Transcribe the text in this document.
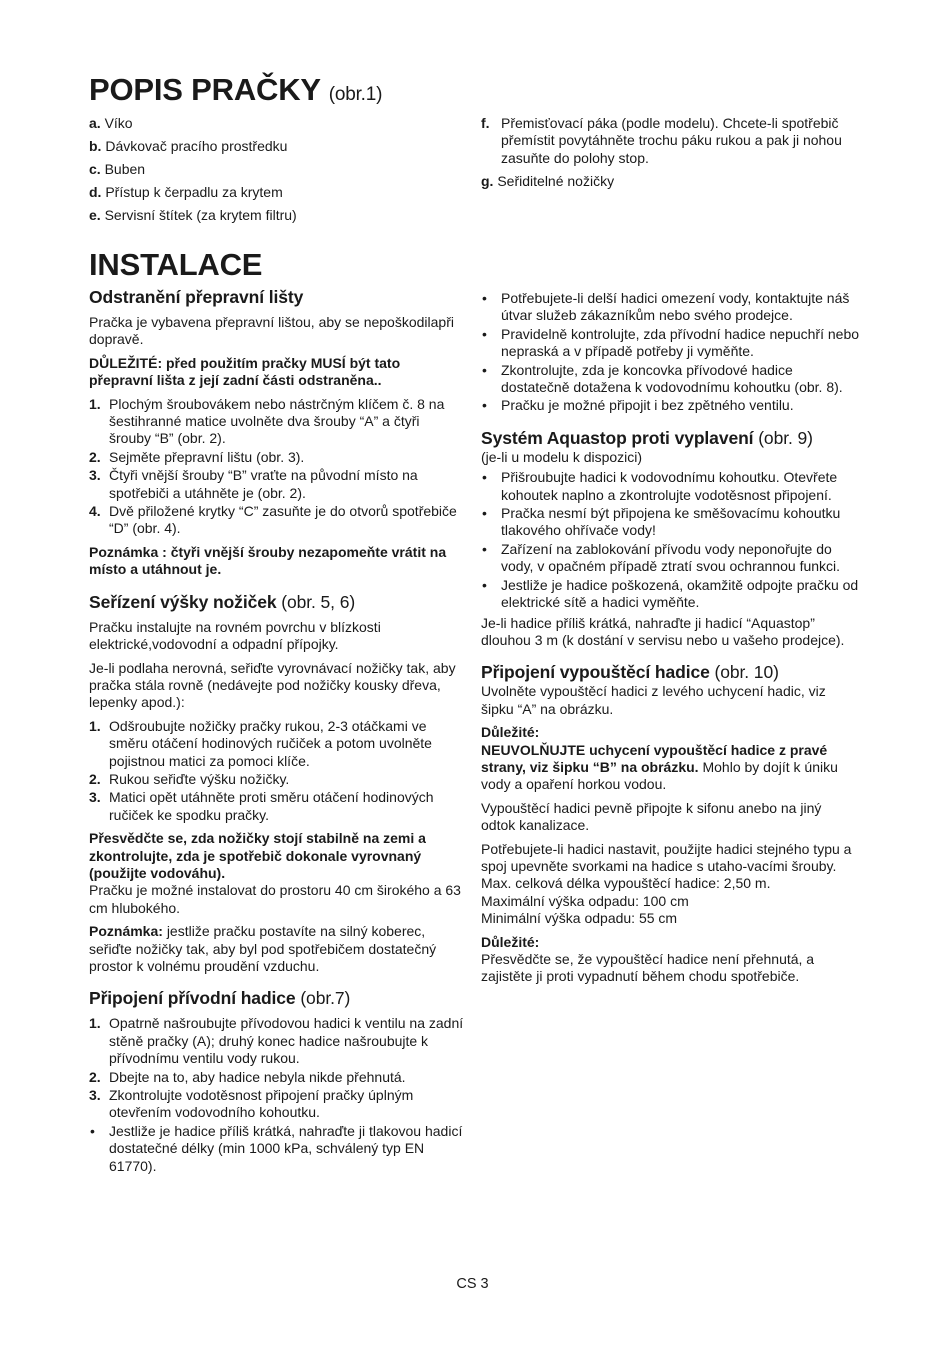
POPIS PRAČKY (obr.1)
a.
Víko
b.
Dávkovač pracího prostředku
c.
Buben
d.
Přístup k čerpadlu za krytem
e.
Servisní štítek (za krytem filtru)
f. Přemisťovací páka (podle modelu). Chcete-li spotřebič přemístit povytáhněte trochu páku rukou a pak ji nohou zasuňte do polohy stop.
g.
Seřiditelné nožičky
INSTALACE
Odstranění přepravní lišty

Pračka je vybavena přepravní lištou, aby se nepoškodilapři dopravě.

DŮLEŽITÉ: před použitím pračky MUSÍ být tato přepravní lišta z její zadní části odstraněna..

1. Plochým šroubovákem nebo nástrčným klíčem č. 8 na šestihranné matice uvolněte dva šrouby “A” a čtyři šrouby “B” (obr. 2).
2. Sejměte přepravní lištu (obr. 3).
3. Čtyři vnější šrouby “B” vraťte na původní místo na spotřebiči a utáhněte je (obr. 2).
4. Dvě přiložené krytky “C” zasuňte je do otvorů spotřebiče “D” (obr. 4).

Poznámka : čtyři vnější šrouby nezapomeňte vrátit na místo a utáhnout je.

Seřízení výšky nožiček (obr. 5, 6)

Pračku instalujte na rovném povrchu v blízkosti elektrické,vodovodní a odpadní přípojky.

Je-li podlaha nerovná, seřiďte vyrovnávací nožičky tak, aby pračka stála rovně (nedávejte pod nožičky kousky dřeva, lepenky apod.):

1. Odšroubujte nožičky pračky rukou, 2-3 otáčkami ve směru otáčení hodinových ručiček a potom uvolněte pojistnou matici za pomoci klíče.
2. Rukou seřiďte výšku nožičky.
3. Matici opět utáhněte proti směru otáčení hodinových ručiček ke spodku pračky.

Přesvědčte se, zda nožičky stojí stabilně na zemi a zkontrolujte, zda je spotřebič dokonale vyrovnaný (použijte vodováhu).

Pračku je možné instalovat do prostoru 40 cm širokého a 63 cm hlubokého.

Poznámka: jestliže pračku postavíte na silný koberec, seřiďte nožičky tak, aby byl pod spotřebičem dostatečný prostor k volnému proudění vzduchu.

Připojení přívodní hadice (obr.7)
1. Opatrně našroubujte přívodovou hadici k ventilu na zadní stěně pračky (A); druhý konec hadice našroubujte k přívodnímu ventilu vody rukou.
2. Dbejte na to, aby hadice nebyla nikde přehnutá.
3. Zkontrolujte vodotěsnost připojení pračky úplným otevřením vodovodního kohoutku.
• Jestliže je hadice příliš krátká, nahraďte ji tlakovou hadicí dostatečné délky (min 1000 kPa, schválený typ EN 61770).
• Potřebujete-li delší hadici omezení vody, kontaktujte náš útvar služeb zákazníkům nebo svého prodejce.
• Pravidelně kontrolujte, zda přívodní hadice nepuchří nebo nepraská a v případě potřeby ji vyměňte.
• Zkontrolujte, zda je koncovka přívodové hadice dostatečně dotažena k vodovodnímu kohoutku (obr. 8).
• Pračku je možné připojit i bez zpětného ventilu.
Systém Aquastop proti vyplavení (obr. 9)

(je-li u modelu k dispozici)

• Přišroubujte hadici k vodovodnímu kohoutku. Otevřete kohoutek naplno a zkontrolujte vodotěsnost připojení.
• Pračka nesmí být připojena ke směšovacímu kohoutku tlakového ohřívače vody!
• Zařízení na zablokování přívodu vody neponořujte do vody, v opačném případě ztratí svou ochrannou funkci.
• Jestliže je hadice poškozená, okamžitě odpojte pračku od elektrické sítě a hadici vyměňte.

Je-li hadice příliš krátká, nahraďte ji hadicí “Aquastop” dlouhou 3 m (k dostání v servisu nebo u vašeho prodejce).

Připojení vypouštěcí hadice (obr. 10)

Uvolněte vypouštěcí hadici z levého uchycení hadic, viz šipku “A” na obrázku.

Důležité:

NEUVOLŇUJTE uchycení vypouštěcí hadice z pravé strany, viz šipku “B” na obrázku. Mohlo by dojít k úniku vody a opaření horkou vodou.

Vypouštěcí hadici pevně připojte k sifonu anebo na jiný odtok kanalizace.

Potřebujete-li hadici nastavit, použijte hadici stejného typu a spoj upevněte svorkami na hadice s utaho-vacími šrouby.

Max. celková délka vypouštěcí hadice: 2,50 m.

Maximální výška odpadu: 100 cm

Minimální výška odpadu: 55 cm

Důležité:

Přesvědčte se, že vypouštěcí hadice není přehnutá, a zajistěte ji proti vypadnutí během chodu spotřebiče.

CS 3
